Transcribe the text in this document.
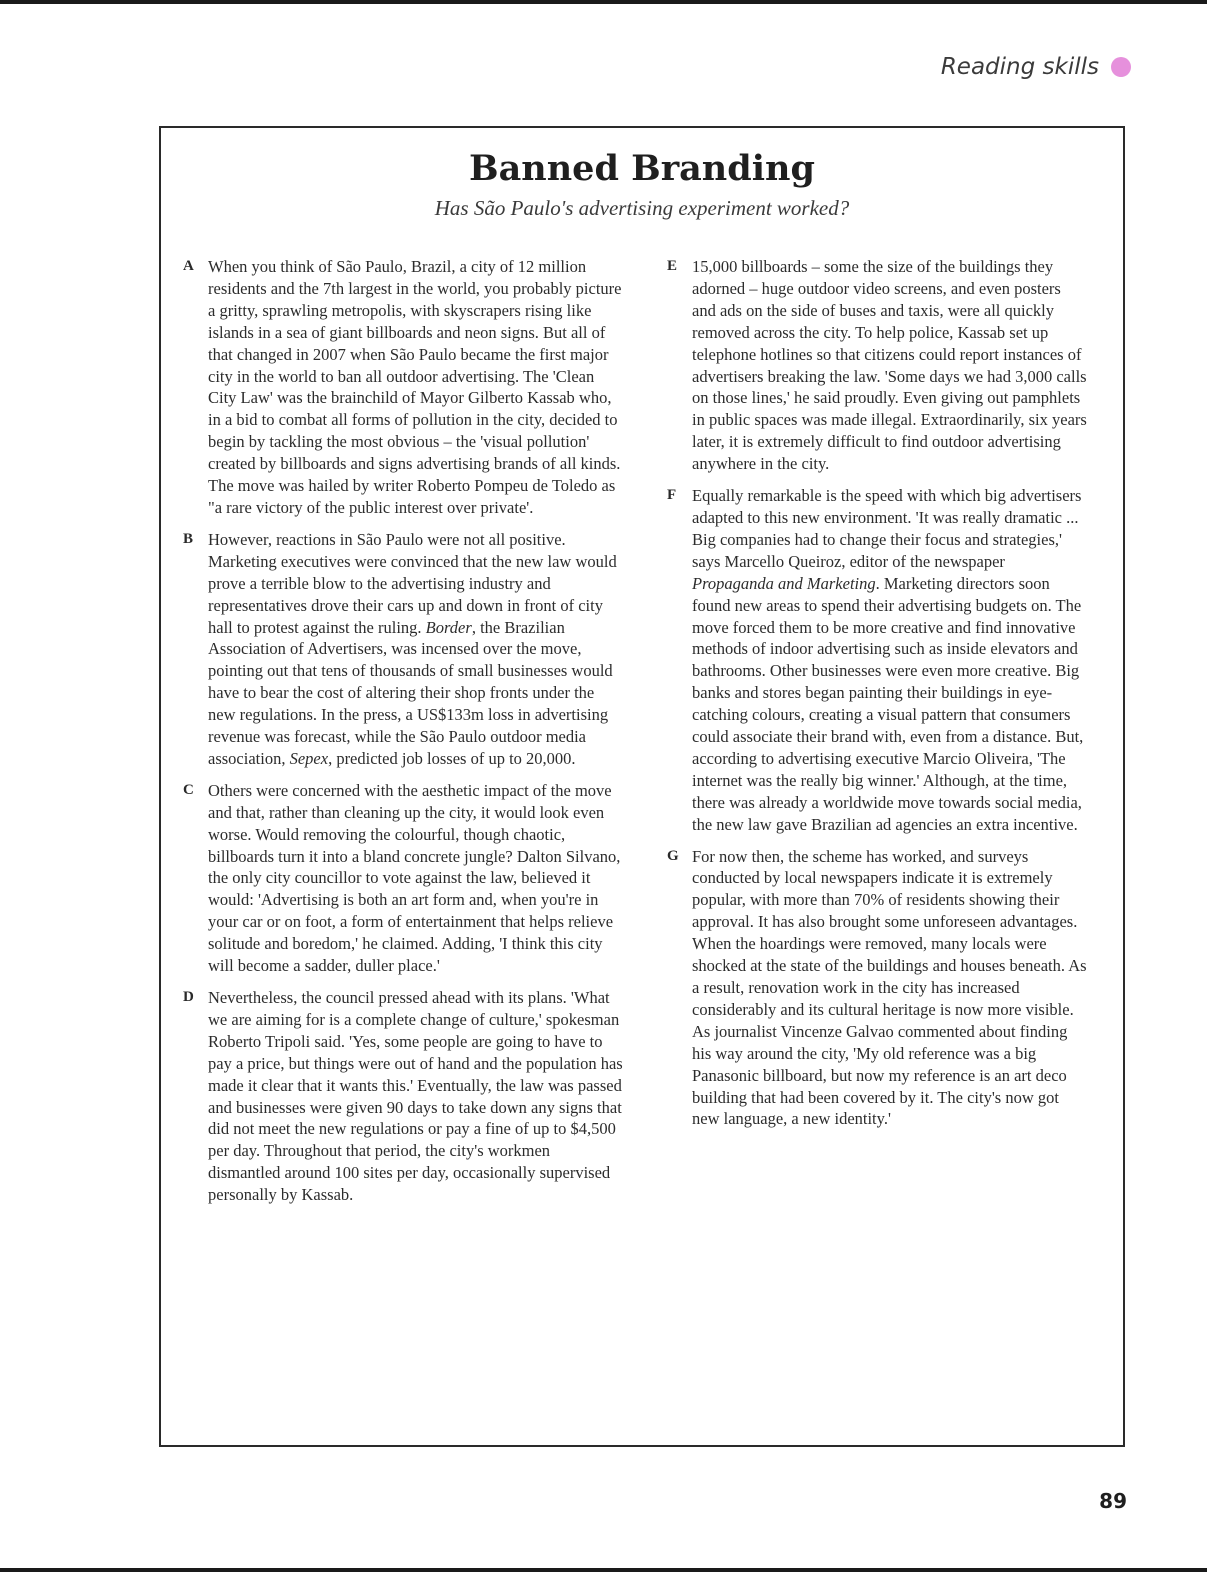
Reading skills
Banned Branding

Has São Paulo's advertising experiment worked?

A When you think of São Paulo, Brazil, a city of 12 million residents and the 7th largest in the world, you probably picture a gritty, sprawling metropolis, with skyscrapers rising like islands in a sea of giant billboards and neon signs. But all of that changed in 2007 when São Paulo became the first major city in the world to ban all outdoor advertising. The 'Clean City Law' was the brainchild of Mayor Gilberto Kassab who, in a bid to combat all forms of pollution in the city, decided to begin by tackling the most obvious – the 'visual pollution' created by billboards and signs advertising brands of all kinds. The move was hailed by writer Roberto Pompeu de Toledo as "a rare victory of the public interest over private'.

B However, reactions in São Paulo were not all positive. Marketing executives were convinced that the new law would prove a terrible blow to the advertising industry and representatives drove their cars up and down in front of city hall to protest against the ruling. Border, the Brazilian Association of Advertisers, was incensed over the move, pointing out that tens of thousands of small businesses would have to bear the cost of altering their shop fronts under the new regulations. In the press, a US$133m loss in advertising revenue was forecast, while the São Paulo outdoor media association, Sepex, predicted job losses of up to 20,000.

C Others were concerned with the aesthetic impact of the move and that, rather than cleaning up the city, it would look even worse. Would removing the colourful, though chaotic, billboards turn it into a bland concrete jungle? Dalton Silvano, the only city councillor to vote against the law, believed it would: 'Advertising is both an art form and, when you're in your car or on foot, a form of entertainment that helps relieve solitude and boredom,' he claimed. Adding, 'I think this city will become a sadder, duller place.'

D Nevertheless, the council pressed ahead with its plans. 'What we are aiming for is a complete change of culture,' spokesman Roberto Tripoli said. 'Yes, some people are going to have to pay a price, but things were out of hand and the population has made it clear that it wants this.' Eventually, the law was passed and businesses were given 90 days to take down any signs that did not meet the new regulations or pay a fine of up to $4,500 per day. Throughout that period, the city's workmen dismantled around 100 sites per day, occasionally supervised personally by Kassab.

E 15,000 billboards – some the size of the buildings they adorned – huge outdoor video screens, and even posters and ads on the side of buses and taxis, were all quickly removed across the city. To help police, Kassab set up telephone hotlines so that citizens could report instances of advertisers breaking the law. 'Some days we had 3,000 calls on those lines,' he said proudly. Even giving out pamphlets in public spaces was made illegal. Extraordinarily, six years later, it is extremely difficult to find outdoor advertising anywhere in the city.

F Equally remarkable is the speed with which big advertisers adapted to this new environment. 'It was really dramatic ... Big companies had to change their focus and strategies,' says Marcello Queiroz, editor of the newspaper Propaganda and Marketing. Marketing directors soon found new areas to spend their advertising budgets on. The move forced them to be more creative and find innovative methods of indoor advertising such as inside elevators and bathrooms. Other businesses were even more creative. Big banks and stores began painting their buildings in eye-catching colours, creating a visual pattern that consumers could associate their brand with, even from a distance. But, according to advertising executive Marcio Oliveira, 'The internet was the really big winner.' Although, at the time, there was already a worldwide move towards social media, the new law gave Brazilian ad agencies an extra incentive.

G For now then, the scheme has worked, and surveys conducted by local newspapers indicate it is extremely popular, with more than 70% of residents showing their approval. It has also brought some unforeseen advantages. When the hoardings were removed, many locals were shocked at the state of the buildings and houses beneath. As a result, renovation work in the city has increased considerably and its cultural heritage is now more visible. As journalist Vincenze Galvao commented about finding his way around the city, 'My old reference was a big Panasonic billboard, but now my reference is an art deco building that had been covered by it. The city's now got new language, a new identity.'

89
